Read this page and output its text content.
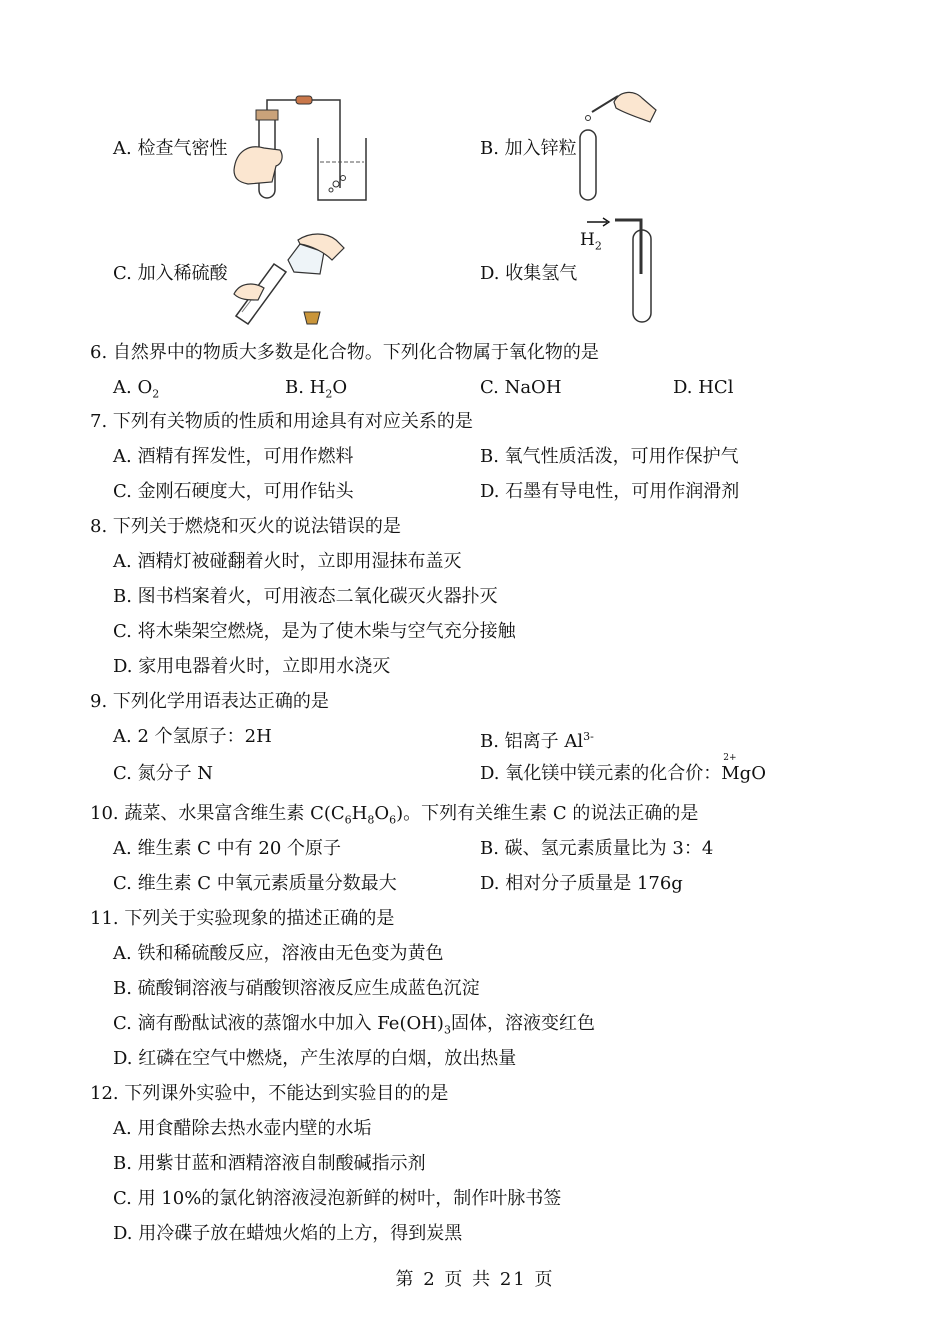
A. 检查气密性	B. 加入锌粒
C. 加入稀硫酸	D. 收集氢气
$H_2$
6. 自然界中的物质大多数是化合物。下列化合物属于氧化物的是
A. $O_2$	B. $H_2O$	C. NaOH	D. HCl
7. 下列有关物质的性质和用途具有对应关系的是
A. 酒精有挥发性，可用作燃料	B. 氧气性质活泼，可用作保护气
C. 金刚石硬度大，可用作钻头	D. 石墨有导电性，可用作润滑剂
8. 下列关于燃烧和灭火的说法错误的是
A. 酒精灯被碰翻着火时，立即用湿抹布盖灭
B. 图书档案着火，可用液态二氧化碳灭火器扑灭
C. 将木柴架空燃烧，是为了使木柴与空气充分接触
D. 家用电器着火时，立即用水浇灭
9. 下列化学用语表达正确的是
A. 2 个氢原子：2H	B. 铝离子 $Al^{3-}$
C. 氮分子 N	D. 氧化镁中镁元素的化合价：
2+
MgO
10. 蔬菜、水果富含维生素 $C(C_6H_8O_6)$。下列有关维生素 C 的说法正确的是
A. 维生素 C 中有 20 个原子	B. 碳、氢元素质量比为 3：4
C. 维生素 C 中氧元素质量分数最大	D. 相对分子质量是 176g
11. 下列关于实验现象的描述正确的是
A. 铁和稀硫酸反应，溶液由无色变为黄色
B. 硫酸铜溶液与硝酸钡溶液反应生成蓝色沉淀
C. 滴有酚酞试液的蒸馏水中加入 $Fe(OH)_3$固体，溶液变红色
D. 红磷在空气中燃烧，产生浓厚的白烟，放出热量
12. 下列课外实验中，不能达到实验目的的是
A. 用食醋除去热水壶内壁的水垢
B. 用紫甘蓝和酒精溶液自制酸碱指示剂
C. 用 10%的氯化钠溶液浸泡新鲜的树叶，制作叶脉书签
D. 用冷碟子放在蜡烛火焰的上方，得到炭黑
第 2 页 共 21 页
